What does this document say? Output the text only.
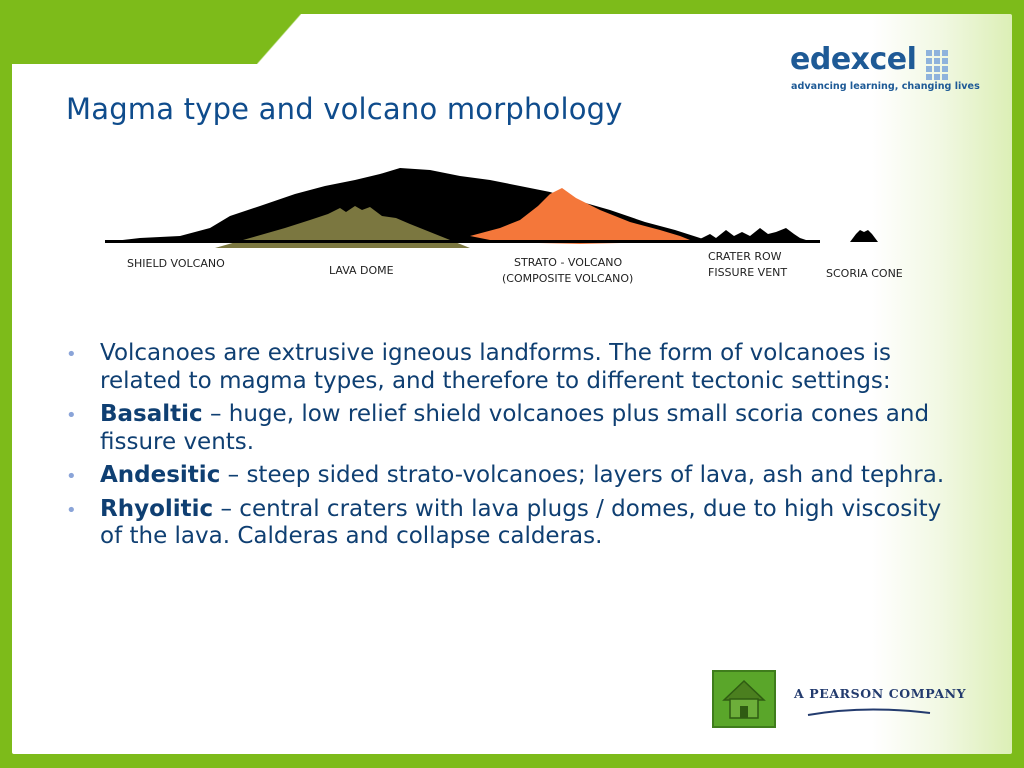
Magma type and volcano morphology
edexcel
advancing learning, changing lives
SHIELD VOLCANO
LAVA DOME
STRATO - VOLCANO
(COMPOSITE VOLCANO)
CRATER ROW
FISSURE VENT	SCORIA CONE
• Volcanoes are extrusive igneous landforms. The form of volcanoes is related to magma types, and therefore to different tectonic settings:
• Basaltic – huge, low relief shield volcanoes plus small scoria cones and fissure vents.
• Andesitic – steep sided strato-volcanoes; layers of lava, ash and tephra.
• Rhyolitic – central craters with lava plugs / domes, due to high viscosity of the lava. Calderas and collapse calderas.
A PEARSON COMPANY
